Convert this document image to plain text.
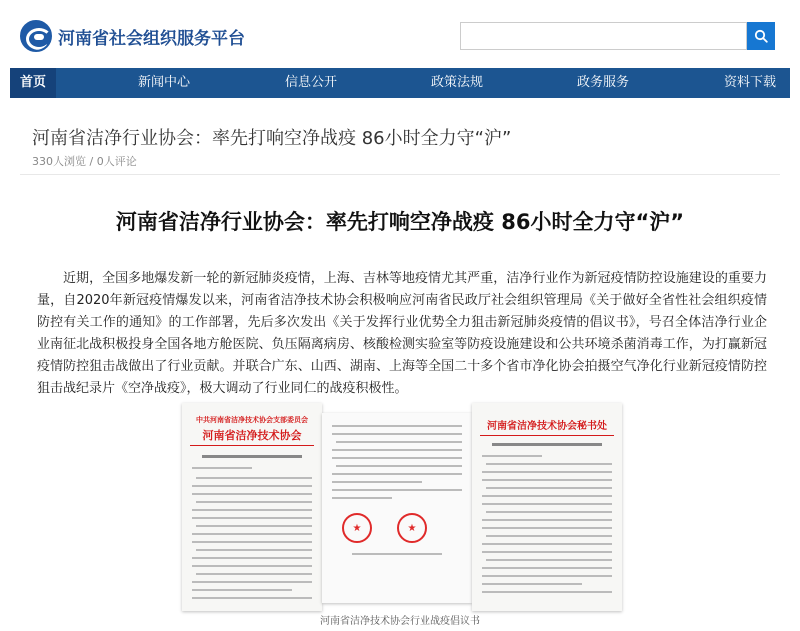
河南省社会组织服务平台
首页	新闻中心	信息公开	政策法规	政务服务	资料下载
河南省洁净行业协会：率先打响空净战疫 86小时全力守“沪”
330人浏览 / 0人评论
河南省洁净行业协会：率先打响空净战疫 86小时全力守“沪”

近期，全国多地爆发新一轮的新冠肺炎疫情，上海、吉林等地疫情尤其严重，洁净行业作为新冠疫情防控设施建设的重要力量，自2020年新冠疫情爆发以来，河南省洁净技术协会积极响应河南省民政厅社会组织管理局《关于做好全省性社会组织疫情防控有关工作的通知》的工作部署，先后多次发出《关于发挥行业优势全力狙击新冠肺炎疫情的倡议书》，号召全体洁净行业企业南征北战积极投身全国各地方舱医院、负压隔离病房、核酸检测实验室等防疫设施建设和公共环境杀菌消毒工作，为打赢新冠疫情防控狙击战做出了行业贡献。并联合广东、山西、湖南、上海等全国二十多个省市净化协会拍摄空气净化行业新冠疫情防控狙击战纪录片《空净战疫》，极大调动了行业同仁的战疫积极性。

中共河南省洁净技术协会支部委员会
河南省洁净技术协会
★	★
河南省洁净技术协会秘书处
河南省洁净技术协会行业战疫倡议书
